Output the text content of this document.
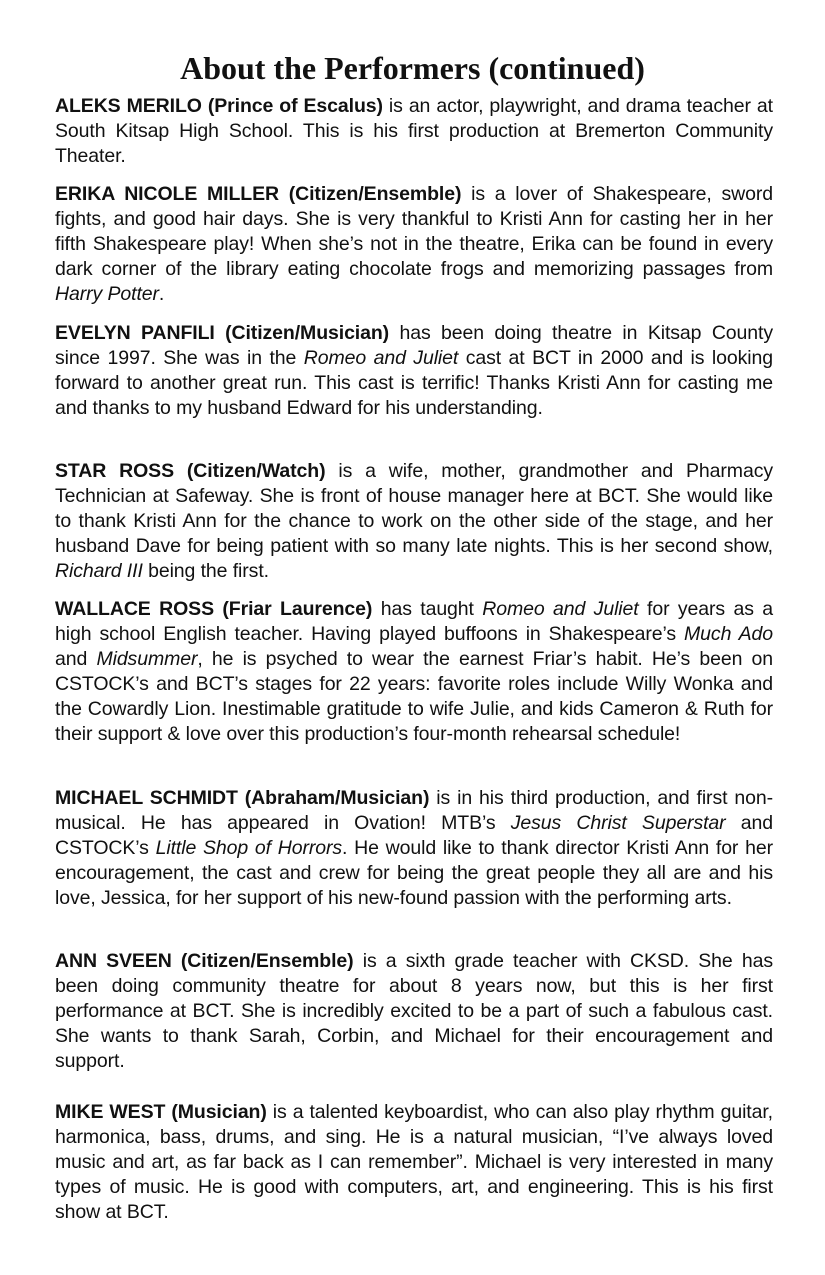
About the Performers (continued)

ALEKS MERILO (Prince of Escalus) is an actor, playwright, and drama teacher at South Kitsap High School. This is his first production at Bremerton Community Theater.

ERIKA NICOLE MILLER (Citizen/Ensemble) is a lover of Shakespeare, sword fights, and good hair days. She is very thankful to Kristi Ann for casting her in her fifth Shakespeare play! When she’s not in the theatre, Erika can be found in every dark corner of the library eating chocolate frogs and memorizing passages from Harry Potter.

EVELYN PANFILI (Citizen/Musician) has been doing theatre in Kitsap County since 1997. She was in the Romeo and Juliet cast at BCT in 2000 and is looking forward to another great run. This cast is terrific! Thanks Kristi Ann for casting me and thanks to my husband Edward for his understanding.

STAR ROSS (Citizen/Watch) is a wife, mother, grandmother and Pharmacy Technician at Safeway. She is front of house manager here at BCT. She would like to thank Kristi Ann for the chance to work on the other side of the stage, and her husband Dave for being patient with so many late nights. This is her second show, Richard III being the first.

WALLACE ROSS (Friar Laurence) has taught Romeo and Juliet for years as a high school English teacher. Having played buffoons in Shakespeare’s Much Ado and Midsummer, he is psyched to wear the earnest Friar’s habit. He’s been on CSTOCK’s and BCT’s stages for 22 years: favorite roles include Willy Wonka and the Cowardly Lion. Inestimable gratitude to wife Julie, and kids Cameron & Ruth for their support & love over this production’s four-month rehearsal schedule!

MICHAEL SCHMIDT (Abraham/Musician) is in his third production, and first non-musical. He has appeared in Ovation! MTB’s Jesus Christ Superstar and CSTOCK’s Little Shop of Horrors. He would like to thank director Kristi Ann for her encouragement, the cast and crew for being the great people they all are and his love, Jessica, for her support of his new-found passion with the performing arts.

ANN SVEEN (Citizen/Ensemble) is a sixth grade teacher with CKSD. She has been doing community theatre for about 8 years now, but this is her first performance at BCT. She is incredibly excited to be a part of such a fabulous cast. She wants to thank Sarah, Corbin, and Michael for their encouragement and support.

MIKE WEST (Musician) is a talented keyboardist, who can also play rhythm guitar, harmonica, bass, drums, and sing. He is a natural musician, “I’ve always loved music and art, as far back as I can remember”. Michael is very interested in many types of music. He is good with computers, art, and engineering. This is his first show at BCT.
